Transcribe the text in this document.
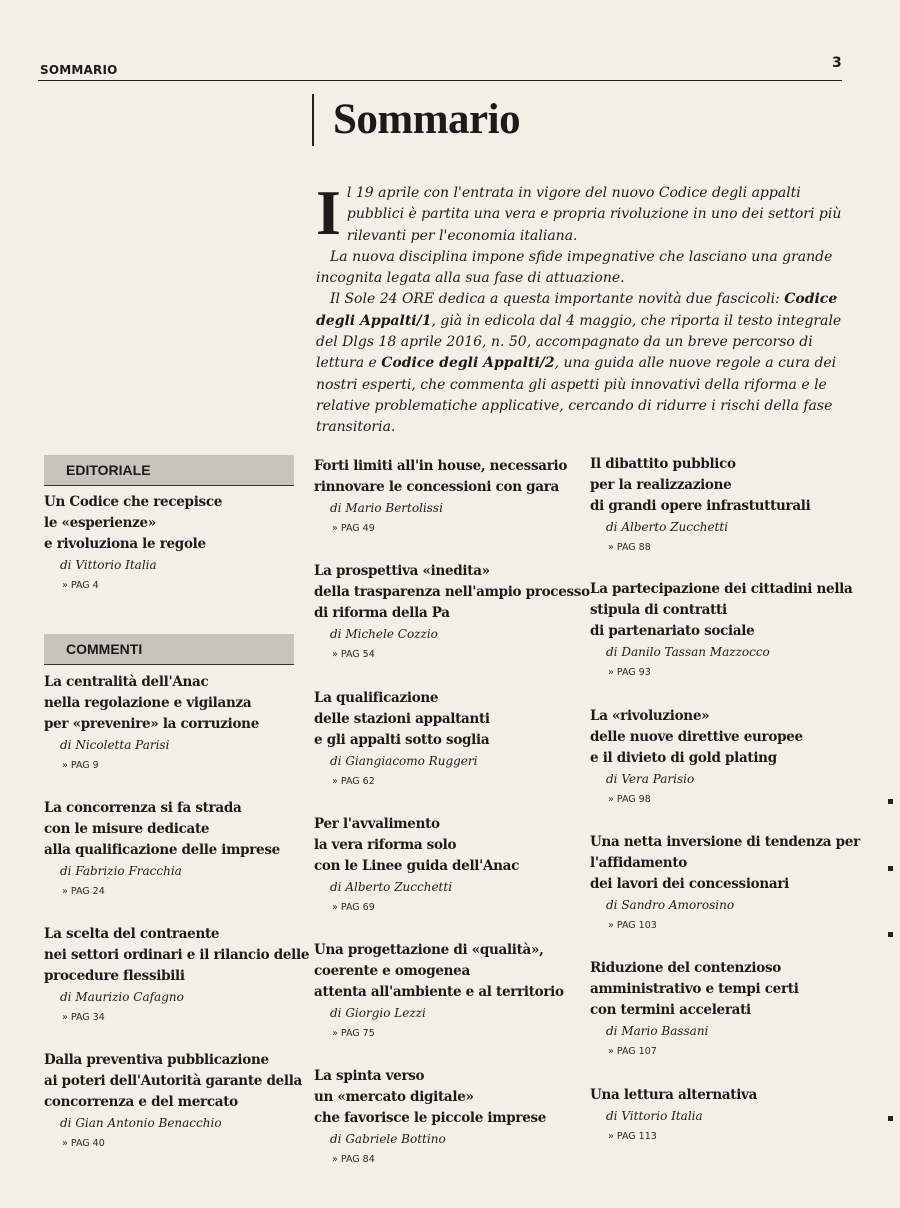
SOMMARIO	3
Sommario

Il 19 aprile con l'entrata in vigore del nuovo Codice degli appalti pubblici è partita una vera e propria rivoluzione in uno dei settori più rilevanti per l'economia italiana.

La nuova disciplina impone sfide impegnative che lasciano una grande incognita legata alla sua fase di attuazione.

Il Sole 24 ORE dedica a questa importante novità due fascicoli: Codice degli Appalti/1, già in edicola dal 4 maggio, che riporta il testo integrale del Dlgs 18 aprile 2016, n. 50, accompagnato da un breve percorso di lettura e Codice degli Appalti/2, una guida alle nuove regole a cura dei nostri esperti, che commenta gli aspetti più innovativi della riforma e le relative problematiche applicative, cercando di ridurre i rischi della fase transitoria.

EDITORIALE
COMMENTI

Un Codice che recepisce
le «esperienze»
e rivoluziona le regole

di Vittorio Italia
» PAG 4

La centralità dell'Anac
nella regolazione e vigilanza
per «prevenire» la corruzione

di Nicoletta Parisi
» PAG 9

La concorrenza si fa strada
con le misure dedicate
alla qualificazione delle imprese

di Fabrizio Fracchia
» PAG 24

La scelta del contraente
nei settori ordinari e il rilancio delle
procedure flessibili

di Maurizio Cafagno
» PAG 34

Dalla preventiva pubblicazione
ai poteri dell'Autorità garante della
concorrenza e del mercato

di Gian Antonio Benacchio
» PAG 40

Forti limiti all'in house, necessario
rinnovare le concessioni con gara

di Mario Bertolissi
» PAG 49

La prospettiva «inedita»
della trasparenza nell'ampio processo
di riforma della Pa

di Michele Cozzio
» PAG 54

La qualificazione
delle stazioni appaltanti
e gli appalti sotto soglia

di Giangiacomo Ruggeri
» PAG 62

Per l'avvalimento
la vera riforma solo
con le Linee guida dell'Anac

di Alberto Zucchetti
» PAG 69

Una progettazione di «qualità»,
coerente e omogenea
attenta all'ambiente e al territorio

di Giorgio Lezzi
» PAG 75

La spinta verso
un «mercato digitale»
che favorisce le piccole imprese

di Gabriele Bottino
» PAG 84

Il dibattito pubblico
per la realizzazione
di grandi opere infrastutturali

di Alberto Zucchetti
» PAG 88

La partecipazione dei cittadini nella
stipula di contratti
di partenariato sociale

di Danilo Tassan Mazzocco
» PAG 93

La «rivoluzione»
delle nuove direttive europee
e il divieto di gold plating

di Vera Parisio
» PAG 98

Una netta inversione di tendenza per
l'affidamento
dei lavori dei concessionari

di Sandro Amorosino
» PAG 103

Riduzione del contenzioso
amministrativo e tempi certi
con termini accelerati

di Mario Bassani
» PAG 107

Una lettura alternativa

di Vittorio Italia
» PAG 113
